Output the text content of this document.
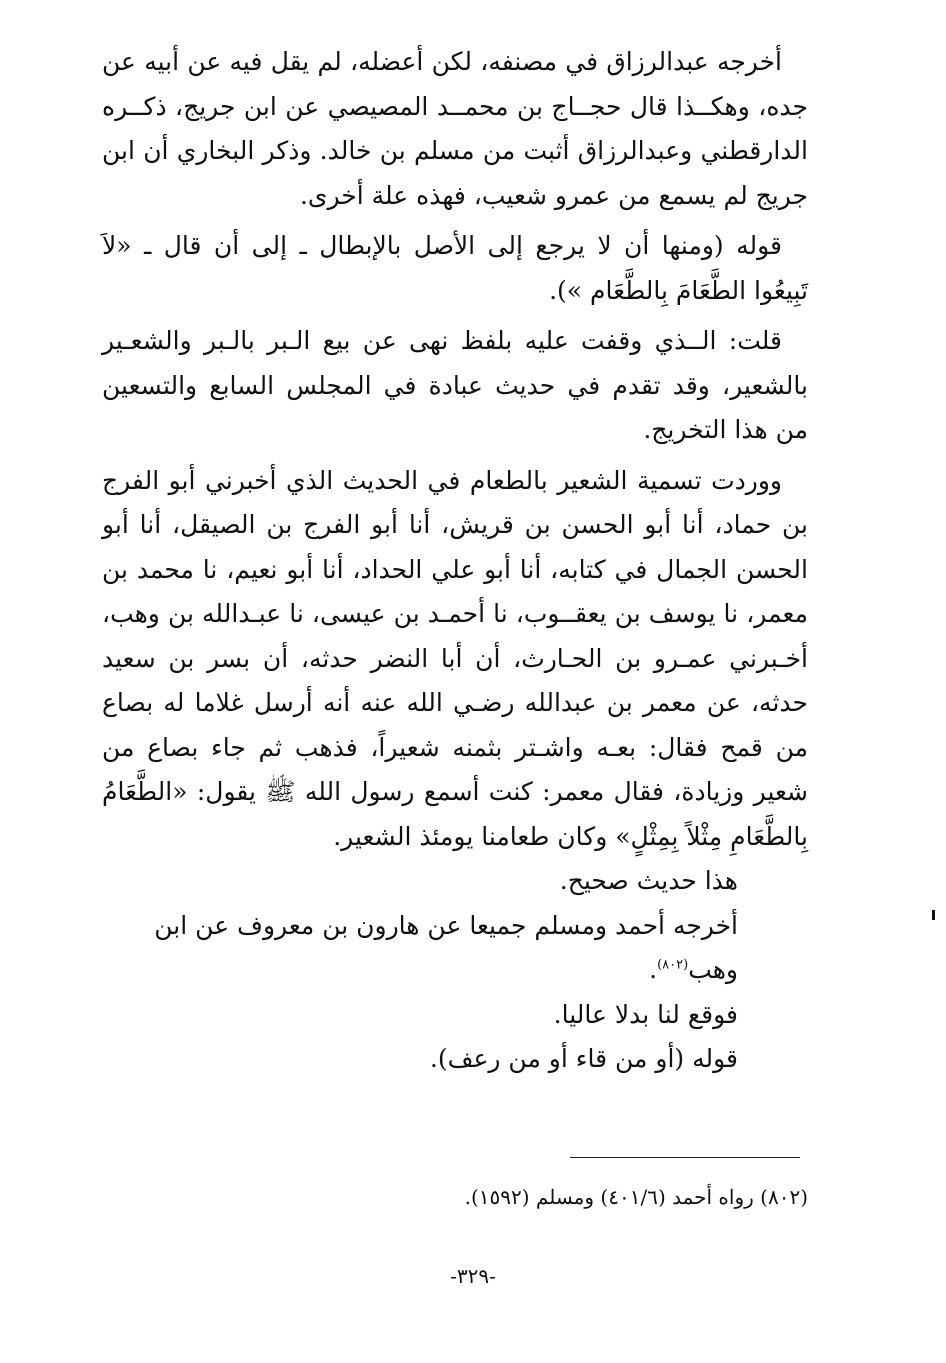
أخرجه عبدالرزاق في مصنفه، لكن أعضله، لم يقل فيه عن أبيه عن جده، وهكــذا قال حجــاج بن محمــد المصيصي عن ابن جريج، ذكــره الدارقطني وعبدالرزاق أثبت من مسلم بن خالد. وذكر البخاري أن ابن جريج لم يسمع من عمرو شعيب، فهذه علة أخرى.

قوله (ومنها أن لا يرجع إلى الأصل بالإبطال ـ إلى أن قال ـ «لاَ تَبِيعُوا الطَّعَامَ بِالطَّعَام »).

قلت: الــذي وقفت عليه بلفظ نهى عن بيع الـبر بالـبر والشعـير بالشعير، وقد تقدم في حديث عبادة في المجلس السابع والتسعين من هذا التخريج.

ووردت تسمية الشعير بالطعام في الحديث الذي أخبرني أبو الفرج بن حماد، أنا أبو الحسن بن قريش، أنا أبو الفرج بن الصيقل، أنا أبو الحسن الجمال في كتابه، أنا أبو علي الحداد، أنا أبو نعيم، نا محمد بن معمر، نا يوسف بن يعقــوب، نا أحمـد بن عيسى، نا عبـدالله بن وهب، أخـبرني عمـرو بن الحـارث، أن أبا النضر حدثه، أن بسر بن سعيد حدثه، عن معمر بن عبدالله رضـي الله عنه أنه أرسل غلاما له بصاع من قمح فقال: بعـه واشـتر بثمنه شعيراً، فذهب ثم جاء بصاع من شعير وزيادة، فقال معمر: كنت أسمع رسول الله ﷺ يقول: «الطَّعَامُ بِالطَّعَامِ مِثْلاً بِمِثْلٍ» وكان طعامنا يومئذ الشعير.

هذا حديث صحيح.
أخرجه أحمد ومسلم جميعا عن هارون بن معروف عن ابن وهب$^{(٨٠٢)}$.
فوقع لنا بدلا عاليا.
قوله (أو من قاء أو من رعف).
(٨٠٢) رواه أحمد (٤٠١/٦) ومسلم (١٥٩٢).
-٣٢٩-
